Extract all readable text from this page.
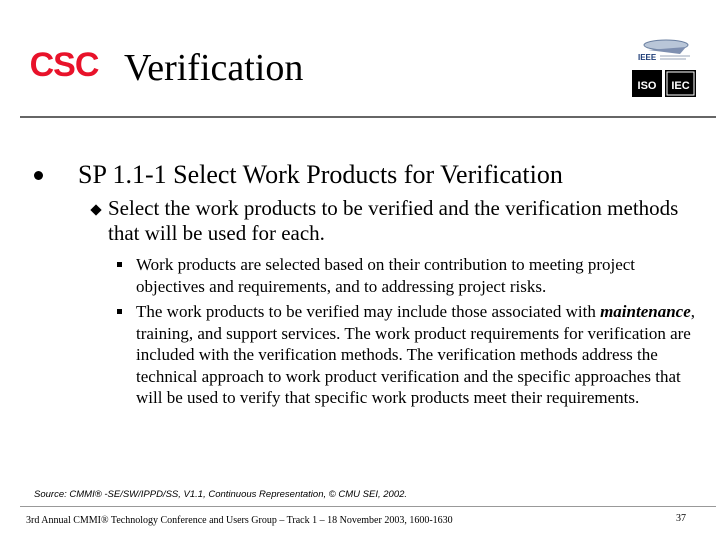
CSC Verification	IEEE
ISO IEC
SP 1.1-1 Select Work Products for Verification
Select the work products to be verified and the verification methods that will be used for each.
Work products are selected based on their contribution to meeting project objectives and requirements, and to addressing project risks.
The work products to be verified may include those associated with maintenance, training, and support services. The work product requirements for verification are included with the verification methods. The verification methods address the technical approach to work product verification and the specific approaches that will be used to verify that specific work products meet their requirements.
Source: CMMI® -SE/SW/IPPD/SS, V1.1, Continuous Representation, © CMU SEI, 2002.
3rd Annual CMMI® Technology Conference and Users Group – Track 1 – 18 November 2003, 1600-1630	37
